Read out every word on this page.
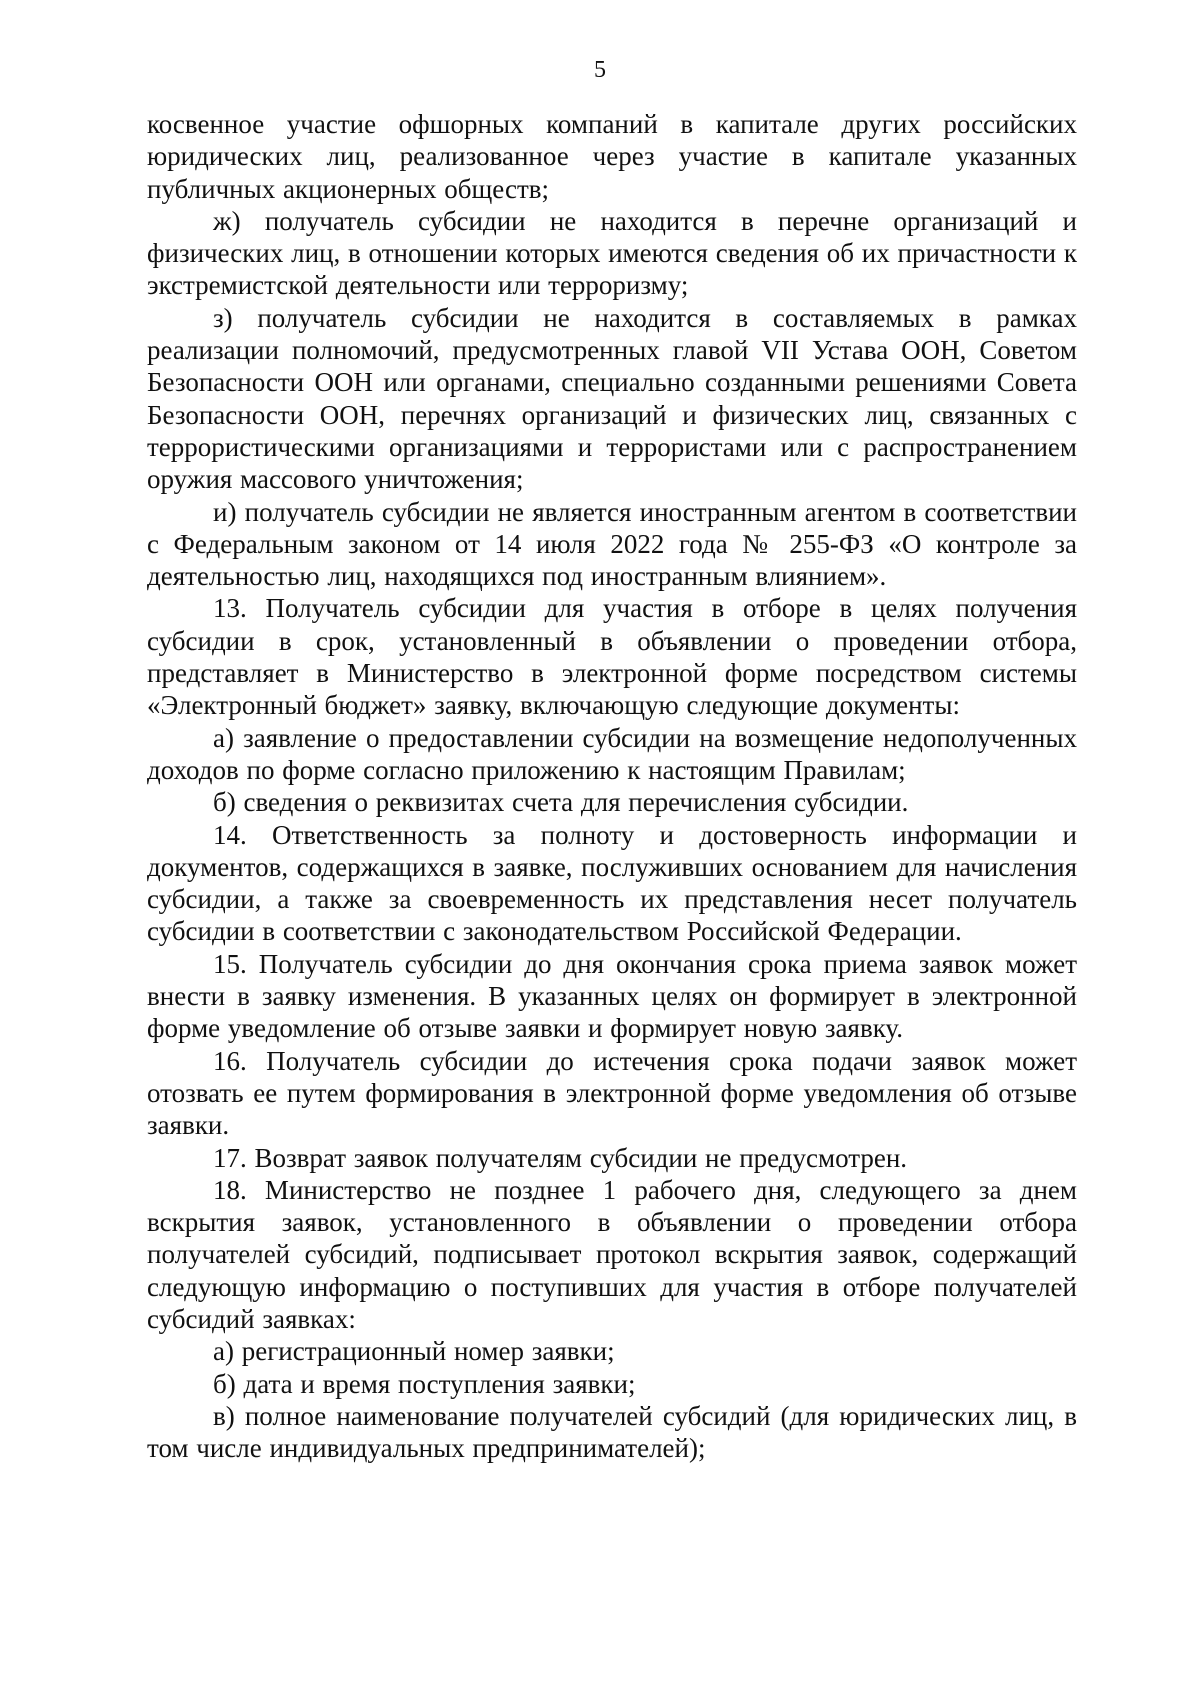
5

косвенное участие офшорных компаний в капитале других российских юридических лиц, реализованное через участие в капитале указанных публичных акционерных обществ;

ж) получатель субсидии не находится в перечне организаций и физических лиц, в отношении которых имеются сведения об их причастности к экстремистской деятельности или терроризму;

з) получатель субсидии не находится в составляемых в рамках реализации полномочий, предусмотренных главой VII Устава ООН, Советом Безопасности ООН или органами, специально созданными решениями Совета Безопасности ООН, перечнях организаций и физических лиц, связанных с террористическими организациями и террористами или с распространением оружия массового уничтожения;

и) получатель субсидии не является иностранным агентом в соответствии с Федеральным законом от 14 июля 2022 года № 255-ФЗ «О контроле за деятельностью лиц, находящихся под иностранным влиянием».

13. Получатель субсидии для участия в отборе в целях получения субсидии в срок, установленный в объявлении о проведении отбора, представляет в Министерство в электронной форме посредством системы «Электронный бюджет» заявку, включающую следующие документы:

а) заявление о предоставлении субсидии на возмещение недополученных доходов по форме согласно приложению к настоящим Правилам;

б) сведения о реквизитах счета для перечисления субсидии.

14. Ответственность за полноту и достоверность информации и документов, содержащихся в заявке, послуживших основанием для начисления субсидии, а также за своевременность их представления несет получатель субсидии в соответствии с законодательством Российской Федерации.

15. Получатель субсидии до дня окончания срока приема заявок может внести в заявку изменения. В указанных целях он формирует в электронной форме уведомление об отзыве заявки и формирует новую заявку.

16. Получатель субсидии до истечения срока подачи заявок может отозвать ее путем формирования в электронной форме уведомления об отзыве заявки.

17. Возврат заявок получателям субсидии не предусмотрен.

18. Министерство не позднее 1 рабочего дня, следующего за днем вскрытия заявок, установленного в объявлении о проведении отбора получателей субсидий, подписывает протокол вскрытия заявок, содержащий следующую информацию о поступивших для участия в отборе получателей субсидий заявках:

а) регистрационный номер заявки;

б) дата и время поступления заявки;

в) полное наименование получателей субсидий (для юридических лиц, в том числе индивидуальных предпринимателей);
